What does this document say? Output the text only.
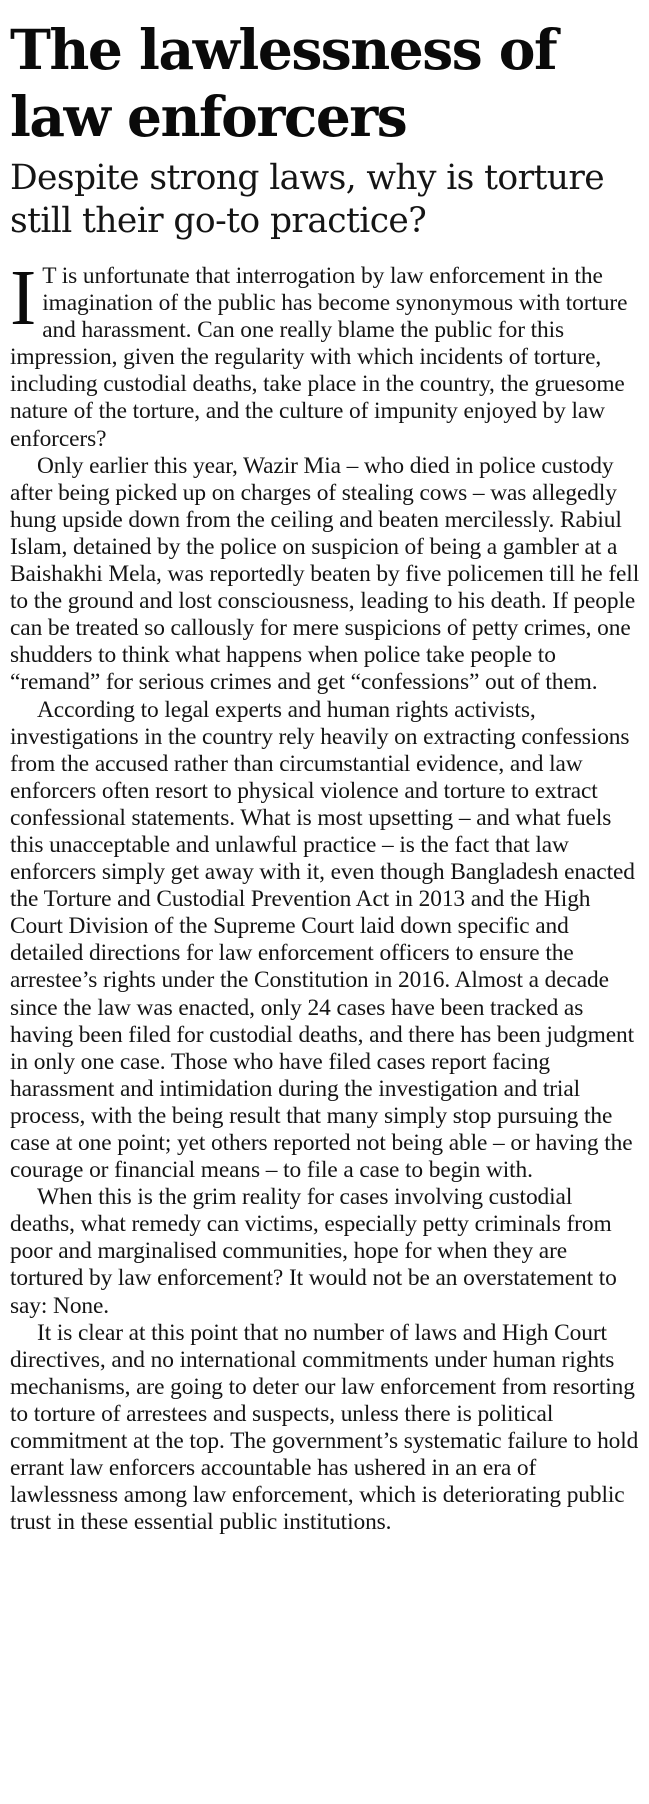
The lawlessness of law enforcers
Despite strong laws, why is torture still their go-to practice?

I T is unfortunate that interrogation by law enforcement in the imagination of the public has become synonymous with torture and harassment. Can one really blame the public for this impression, given the regularity with which incidents of torture, including custodial deaths, take place in the country, the gruesome nature of the torture, and the culture of impunity enjoyed by law enforcers?

Only earlier this year, Wazir Mia – who died in police custody after being picked up on charges of stealing cows – was allegedly hung upside down from the ceiling and beaten mercilessly. Rabiul Islam, detained by the police on suspicion of being a gambler at a Baishakhi Mela, was reportedly beaten by five policemen till he fell to the ground and lost consciousness, leading to his death. If people can be treated so callously for mere suspicions of petty crimes, one shudders to think what happens when police take people to “remand” for serious crimes and get “confessions” out of them.

According to legal experts and human rights activists, investigations in the country rely heavily on extracting confessions from the accused rather than circumstantial evidence, and law enforcers often resort to physical violence and torture to extract confessional statements. What is most upsetting – and what fuels this unacceptable and unlawful practice – is the fact that law enforcers simply get away with it, even though Bangladesh enacted the Torture and Custodial Prevention Act in 2013 and the High Court Division of the Supreme Court laid down specific and detailed directions for law enforcement officers to ensure the arrestee’s rights under the Constitution in 2016. Almost a decade since the law was enacted, only 24 cases have been tracked as having been filed for custodial deaths, and there has been judgment in only one case. Those who have filed cases report facing harassment and intimidation during the investigation and trial process, with the being result that many simply stop pursuing the case at one point; yet others reported not being able – or having the courage or financial means – to file a case to begin with.

When this is the grim reality for cases involving custodial deaths, what remedy can victims, especially petty criminals from poor and marginalised communities, hope for when they are tortured by law enforcement? It would not be an overstatement to say: None.

It is clear at this point that no number of laws and High Court directives, and no international commitments under human rights mechanisms, are going to deter our law enforcement from resorting to torture of arrestees and suspects, unless there is political commitment at the top. The government’s systematic failure to hold errant law enforcers accountable has ushered in an era of lawlessness among law enforcement, which is deteriorating public trust in these essential public institutions.
